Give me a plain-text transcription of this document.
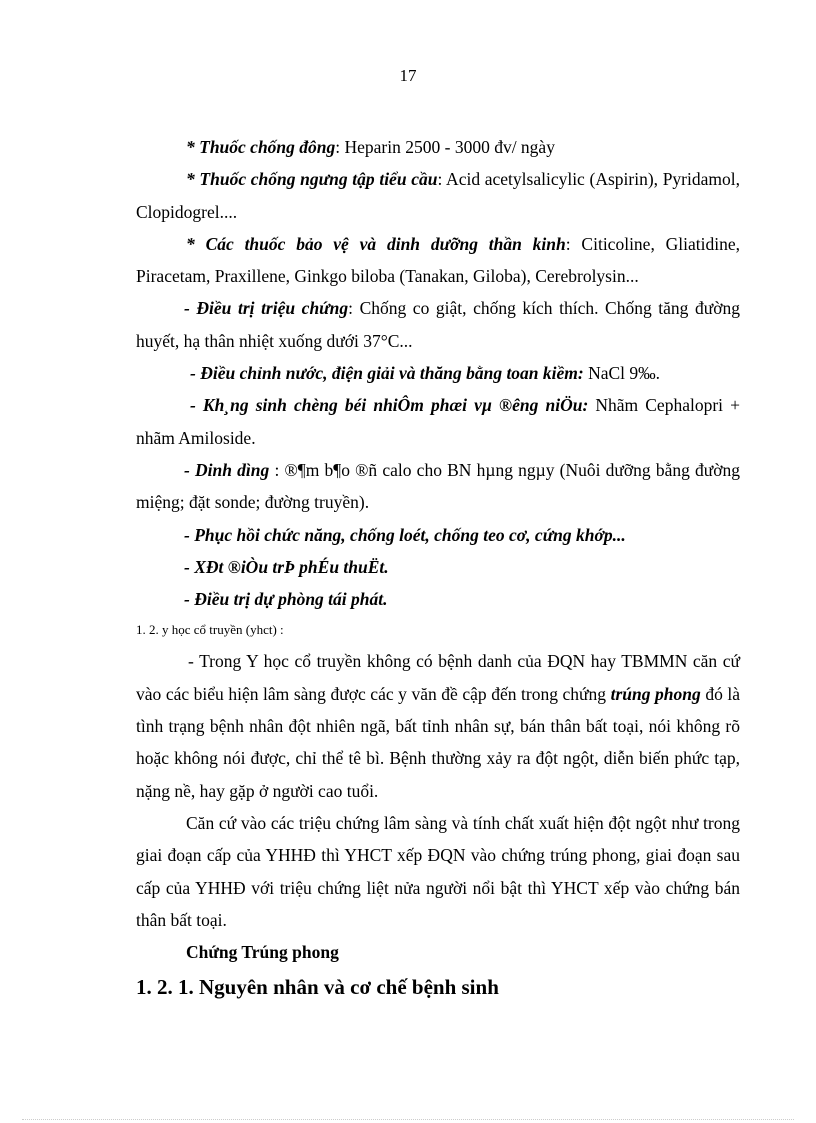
17

* Thuốc chống đông: Heparin 2500 - 3000 đv/ ngày

* Thuốc chống ngưng tập tiểu cầu: Acid acetylsalicylic (Aspirin), Pyridamol, Clopidogrel....

* Các thuốc bảo vệ và dinh dưỡng thần kinh: Citicoline, Gliatidine, Piracetam, Praxillene, Ginkgo biloba (Tanakan, Giloba), Cerebrolysin...

- Điều trị triệu chứng: Chống co giật, chống kích thích. Chống tăng đường huyết, hạ thân nhiệt xuống dưới 37°C...

- Điều chỉnh nước, điện giải và thăng bằng toan kiềm: NaCl 9‰.

- Kh¸ng sinh chèng béi nhiÔm phæi vµ ®êng niÖu: Nhãm Cephalopri + nhãm Amiloside.

- Dinh dìng : ®¶m b¶o ®ñ calo cho BN hµng ngµy (Nuôi dưỡng bằng đường miệng; đặt sonde; đường truyền).

- Phục hồi chức năng, chống loét, chống teo cơ, cứng khớp...

- XÐt ®iÒu trÞ phÉu thuËt.

- Điều trị dự phòng tái phát.

1. 2. y học cổ truyền (yhct) :

- Trong Y học cổ truyền không có bệnh danh của ĐQN hay TBMMN căn cứ vào các biểu hiện lâm sàng được các y văn đề cập đến trong chứng trúng phong đó là tình trạng bệnh nhân đột nhiên ngã, bất tỉnh nhân sự, bán thân bất toại, nói không rõ hoặc không nói được, chỉ thể tê bì. Bệnh thường xảy ra đột ngột, diễn biến phức tạp, nặng nề, hay gặp ở người cao tuổi.

Căn cứ vào các triệu chứng lâm sàng và tính chất xuất hiện đột ngột như trong giai đoạn cấp của YHHĐ thì YHCT xếp ĐQN vào chứng trúng phong, giai đoạn sau cấp của YHHĐ với triệu chứng liệt nửa người nổi bật thì YHCT xếp vào chứng bán thân bất toại.

Chứng Trúng phong

1. 2. 1. Nguyên nhân và cơ chế bệnh sinh
